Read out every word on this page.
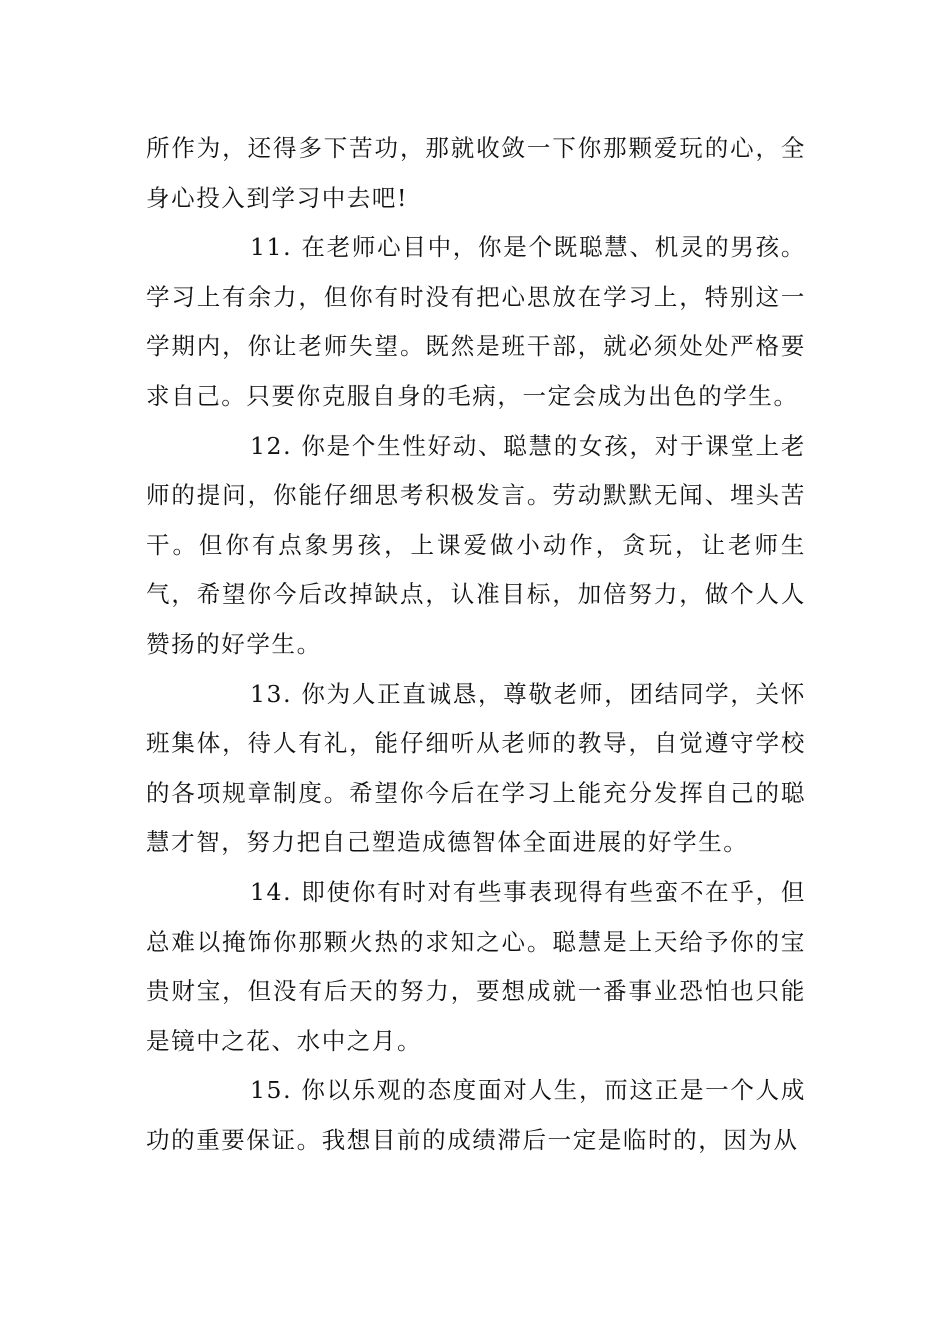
所作为，还得多下苦功，那就收敛一下你那颗爱玩的心，全身心投入到学习中去吧!

11. 在老师心目中，你是个既聪慧、机灵的男孩。学习上有余力，但你有时没有把心思放在学习上，特别这一学期内，你让老师失望。既然是班干部，就必须处处严格要求自己。只要你克服自身的毛病，一定会成为出色的学生。

12. 你是个生性好动、聪慧的女孩，对于课堂上老师的提问，你能仔细思考积极发言。劳动默默无闻、埋头苦干。但你有点象男孩，上课爱做小动作，贪玩，让老师生气，希望你今后改掉缺点，认准目标，加倍努力，做个人人赞扬的好学生。

13. 你为人正直诚恳，尊敬老师，团结同学，关怀班集体，待人有礼，能仔细听从老师的教导，自觉遵守学校的各项规章制度。希望你今后在学习上能充分发挥自己的聪慧才智，努力把自己塑造成德智体全面进展的好学生。

14. 即使你有时对有些事表现得有些蛮不在乎，但总难以掩饰你那颗火热的求知之心。聪慧是上天给予你的宝贵财宝，但没有后天的努力，要想成就一番事业恐怕也只能是镜中之花、水中之月。

15. 你以乐观的态度面对人生，而这正是一个人成功的重要保证。我想目前的成绩滞后一定是临时的，因为从
